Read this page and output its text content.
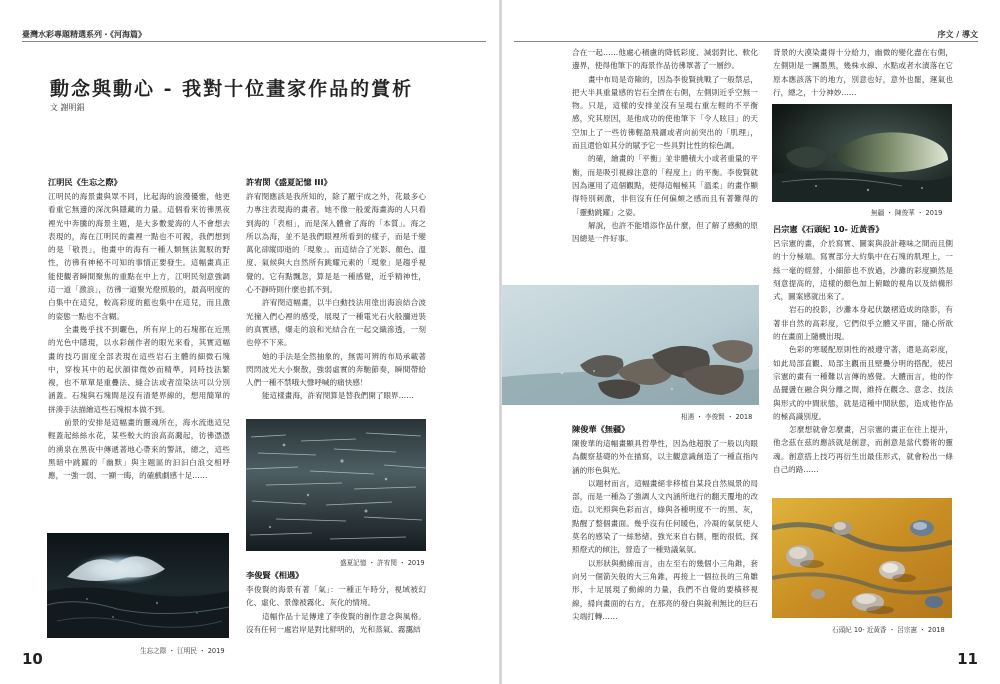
臺灣水彩專題精選系列・《河海篇》	序文 / 導文
動念與動心 - 我對十位畫家作品的賞析
文 謝明錩
江明民《生忘之際》

江明民的海景畫與眾不同，比起海的浪漫優雅，他更看重它無邊的深沈與隱藏的力量。這個看來彷彿黑夜裡光中奔騰的海景主題，是大多數愛海的人不會想去表現的，海在江明民的畫裡一點也不可親，我們想到的是「敬畏」，他畫中的海有一種人類無法駕馭的野性，彷彿有神秘不可知的事情正要發生。這幅畫真正能使觀者瞬間聚焦的重點在中上方，江明民刻意強調這一道「激浪」，彷彿一道聚光燈照般的，最高明度的白集中在這兒，較高彩度的藍也集中在這兒，而且激的姿態一點也不含糊。

全畫幾乎找不到曬色，所有岸上的石塊都在近黑的光色中隱現，以水彩創作者的眼光來看，其實這幅畫的技巧面度全部表現在這些岩石主體的細微石塊中，穿梭其中的起伏韻律微妙而精準，同時技法繁複，也不單單是重疊法、縫合法或者渲染法可以分別涵蓋。石塊與石塊間是沒有清楚界線的，想用簡單的拼湊手法描繪這些石塊根本做不到。

前景的安排是這幅畫的靈魂所在，海水流進這兒輕蓋起絲絲水花，某些較大的浪高高濺起，彷彿憑憑的湧泉在黑夜中傳遞著地心帶來的警訊，總之，這些黑暗中跳躍的「幽默」與主題區的汩汩白浪交相呼應，一強一弱、一顯一晦，的確戲劇感十足……

生忘之際 ・ 江明民 ・ 2019
許宥閔《盛夏記憶 III》

許宥閔應該是我所知的，除了羅宇成之外，花最多心力專注表現海的畫者。她不像一般愛海畫海的人只看到海的「表相」，而是深入體會了海的「本質」。海之所以為海，並不是我們眼裡所看到的樣子，而是千變萬化卻縱即逝的「現象」。而這結合了光影、顏色、溫度、氣候與大自然所有跳耀元素的「現象」是趨乎視覺的。它有點飄忽，算是是一種感覺，近乎精神性，心不靜時則什麼也抓不到。

許宥閔這幅畫，以半白動技法用塗出海浪結合波光撞入們心裡的感受，展現了一種電光石火般瀰迸裝的真實感，爆走的浪和光結合在一起交織滲透，一刻也停不下來。

她的手法是全然抽象的，無需可辨的布局承載著閃閃波光大小聚散，強弱虛實的奔馳節奏，瞬間帶給人們一種不禁哦大聲呼喊的痛快感！

能這樣畫海，許宥閔算是替我們開了眼界……

盛夏記憶 ・ 許宥閔 ・ 2019
李俊賢《相遇》

李俊賢的海景有著「氣」：一種正午時分，視域被幻化、虛化、景像被霧化、灰化的情境。

這幅作品十足傳達了李俊賢的創作意念與風格。沒有任何一處岩岸是對比鮮明的，光和蒸氣、霧靄結

合在一起……他處心積慮的降低彩度、減弱對比、軟化邊界，使得他筆下的海景作品彷彿罩著了一層紗。

畫中布局是奇險的，因為李俊賢挑戰了一般禁忌，把大半具重量感的岩石全擠在右側，左側則近乎空無一物。只是，這樣的安排並沒有呈現右重左輕的不平衡感，究其原因，是他成功的使他筆下「令人眩目」的天空加上了一些彷彿輕盈飛灑或者向前突出的「肌理」，而且還恰如其分的賦予它一些具對比性的棕色調。

的確，繪畫的「平衡」並非體積大小或者重量的平衡，而是吸引視線注意的「程度上」的平衡。李俊賢就因為運用了這個觀點，使得這幅極其「溫柔」的畫作顯得特別刺激，非但沒有任何偏頗之感而且有著難得的「靈動跳躍」之姿。

解說，也許不能增添作品什麼，但了解了感動的原因總是一件好事。

相遇 ・ 李俊賢 ・ 2018
陳俊華《無疆》

陳俊華的這幅畫顯具哲學性，因為他超脫了一般以肉眼為觀察基礎的外在描寫，以主觀意識創造了一種直指內涵的形色與光。

以題材而言，這幅畫絕非移植自某段自然風景的局部，而是一種為了強調人文內涵所進行的翻天覆地的改造。以光照與色彩而言，綠與各種明度不一的黑、灰，點醒了整個畫面。幾乎沒有任何暖色，冷凝的氣氛使人莫名的感染了一絲愁緒。強光來自右側，壓的很低，探照燈式的傾注，營造了一種勁議氣氛。

以形狀與動線而言，由左至右的幾個小三角錐，套向另一個箭矢般的大三角錐，再接上一個拉長的三角雛形，十足展現了動線的力量，我們不自覺的要橫移視線，掃向畫面的右方，在那亮的發白與銳利無比的巨石尖端打轉……

背景的大漠染畫得十分給力，幽微的變化盡在右側，左側則是一團墨黑，幾株水線、水點或者水漬落在它原本應該落下的地方，別意也好，意外也罷，運氣也行，總之，十分神妙……

無疆 ・ 陳俊華 ・ 2019
呂宗憲《石頭紀 10- 近黃香》

呂宗憲的畫，介於寫實、圖案與設計趣味之間而且側的十分極端。寫實部分大約集中在石塊的肌理上，一絲一毫的經營，小細節也不放過，沙灘的彩度顯然是刻意提高的，這樣的顏色加上俯瞰的視角以及結構形式，圖案感就出來了。

岩石的投影，沙灘本身起伏皺褶造成的陰影，有著非自然的高彩度，它們似乎立體又平面，隨心所欲的在畫面上隨機出現。

色彩的寒暖配原則性的被遵守著，還是高彩度，如此局部直觀、局部主觀而且壁疊分明的搭配，使呂宗憲的畫有一種難以言傳的感覺。大體而言，他的作品擺盪在融合與分離之間，維持在觀念、意念、技法與形式的中間狀態，就是這種中間狀態，造成他作品的極高識別度。

怎麼想就會怎麼畫，呂宗憲的畫正在往上提升，他念茲在茲的應該就是創意，而創意是當代藝術的靈魂。創意搭上技巧再衍生出最佳形式，就會粉出一條自己的路……

石頭紀 10- 近黃香 ・ 呂宗憲 ・ 2018
10	11
